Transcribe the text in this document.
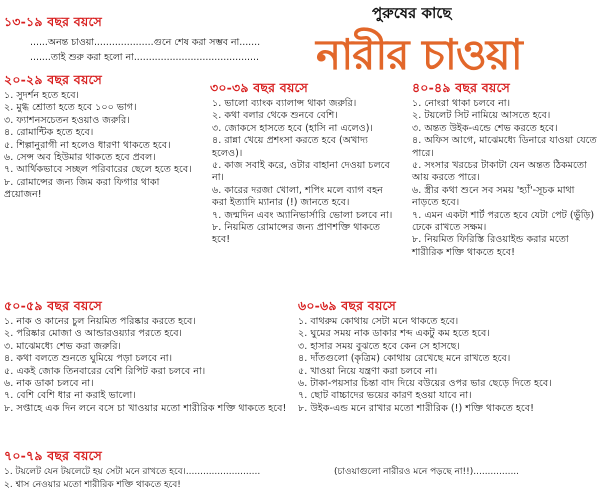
পুরুষের কাছে
নারীর চাওয়া
১৩-১৯ বছর বয়সে
......অনন্ত চাওয়া....................গুনে শেষ করা সম্ভব না.......
.......তাই শুরু করা হলো না..........................................
২০-২৯ বছর বয়সে
১. সুদর্শন হতে হবে।
২. মুগ্ধ শ্রোতা হতে হবে ১০০ ভাগ।
৩. ফ্যাশনসচেতন হওয়াও জরুরি।
৪. রোমান্টিক হতে হবে।
৫. শিল্পানুরাগী না হলেও ধারণা থাকতে হবে।
৬. সেন্স অব হিউমার থাকতে হবে প্রবল।
৭. আর্থিকভাবে সচ্ছল পরিবারের ছেলে হতে হবে।
৮. রোমান্সের জন্য জিম করা ফিগার থাকা প্রয়োজন!
৩০-৩৯ বছর বয়সে
১. ভালো ব্যাংক ব্যালান্স থাকা জরুরি।
২. কথা বলার থেকে শুনবে বেশি।
৩. জোকসে হাসতে হবে (হাসি না এলেও)।
৪. রান্না খেয়ে প্রশংসা করতে হবে (অখাদ্য হলেও)।
৫. কাজ সবাই করে, ওটার বাহানা দেওয়া চলবে না।
৬. কারের দরজা খোলা, শপিং মলে ব্যাগ বহন করা ইত্যাদি ম্যানার (!) জানতে হবে।
৭. জন্মদিন এবং অ্যানিভার্সারি ভোলা চলবে না।
৮. নিয়মিত রোমান্সের জন্য প্রাণশক্তি থাকতে হবে!
৪০-৪৯ বছর বয়সে
১. নোংরা থাকা চলবে না।
২. টয়লেট সিট নামিয়ে আসতে হবে।
৩. অন্তত উইক-এন্ডে শেভ করতে হবে।
৪. অফিস আগে, মাঝেমধ্যে ডিনারে যাওয়া যেতে পারে।
৫. সংসার খরচের টাকাটা যেন অন্তত ঠিকমতো আয় করতে পারে।
৬. স্ত্রীর কথা শুনে সব সময় 'হ্যাঁ'-সূচক মাথা নাড়তে হবে।
৭. এমন একটা শার্ট পরতে হবে যেটা পেট (ভুঁড়ি) ঢেকে রাখতে সক্ষম।
৮. নিয়মিত ফিরিস্তি রিওয়াইন্ড করার মতো শারীরিক শক্তি থাকতে হবে!
৫০-৫৯ বছর বয়সে
১. নাক ও কানের চুল নিয়মিত পরিষ্কার করতে হবে।
২. পরিষ্কার মোজা ও আন্ডারওয়্যার পরতে হবে।
৩. মাঝেমধ্যে শেভ করা জরুরি।
৪. কথা বলতে শুনতে ঘুমিয়ে পড়া চলবে না।
৫. একই জোক তিনবারের বেশি রিপিট করা চলবে না।
৬. নাক ডাকা চলবে না।
৭. বেশি বেশি ধার না করাই ভালো।
৮. সপ্তাহে এক দিন লনে বসে চা খাওয়ার মতো শারীরিক শক্তি থাকতে হবে!
৬০-৬৯ বছর বয়সে
১. বাথরুম কোথায় সেটা মনে থাকতে হবে।
২. ঘুমের সময় নাক ডাকার শব্দ একটু কম হতে হবে।
৩. হাসার সময় বুঝতে হবে কেন সে হাসছে।
৪. দাঁতগুলো (কৃত্রিম) কোথায় রেখেছে মনে রাখতে হবে।
৫. খাওয়া নিয়ে যন্ত্রণা করা চলবে না।
৬. টাকা-পয়সার চিন্তা বাদ দিয়ে বউয়ের ওপর ভার ছেড়ে দিতে হবে।
৭. ছোট বাচ্চাদের ভয়ের কারণ হওয়া যাবে না।
৮. উইক-এন্ড মনে রাখার মতো শারীরিক (!) শক্তি থাকতে হবে!
৭০-৭৯ বছর বয়সে
১. টয়লেট যেন টয়লেটে হয় সেটা মনে রাখতে হবে।..........................	(চাওয়াগুলো নারীরও মনে পড়ছে না!!)................
২. শ্বাস নেওয়ার মতো শারীরিক শক্তি থাকতে হবে!
